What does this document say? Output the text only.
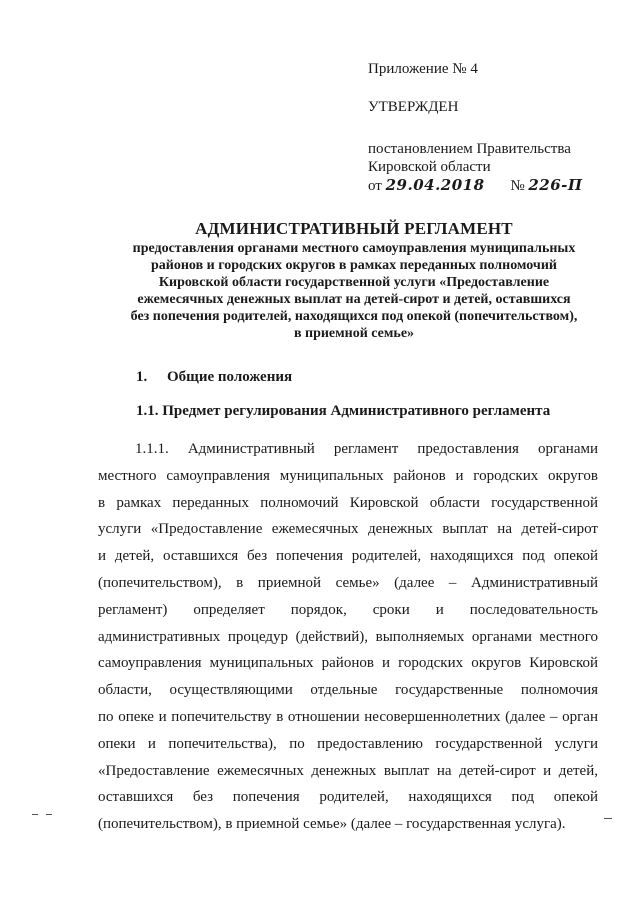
Приложение № 4
УТВЕРЖДЕН
постановлением Правительства
Кировской области
от 29.04.2018 № 226-П
АДМИНИСТРАТИВНЫЙ РЕГЛАМЕНТ
предоставления органами местного самоуправления муниципальных
районов и городских округов в рамках переданных полномочий
Кировской области государственной услуги «Предоставление
ежемесячных денежных выплат на детей-сирот и детей, оставшихся
без попечения родителей, находящихся под опекой (попечительством),
в приемной семье»
1. Общие положения
1.1. Предмет регулирования Административного регламента
1.1.1. Административный регламент предоставления органами
местного самоуправления муниципальных районов и городских округов
в рамках переданных полномочий Кировской области государственной
услуги «Предоставление ежемесячных денежных выплат на детей-сирот
и детей, оставшихся без попечения родителей, находящихся под опекой
(попечительством), в приемной семье» (далее – Административный
регламент) определяет порядок, сроки и последовательность
административных процедур (действий), выполняемых органами местного
самоуправления муниципальных районов и городских округов Кировской
области, осуществляющими отдельные государственные полномочия
по опеке и попечительству в отношении несовершеннолетних (далее – орган
опеки и попечительства), по предоставлению государственной услуги
«Предоставление ежемесячных денежных выплат на детей-сирот и детей,
оставшихся без попечения родителей, находящихся под опекой
(попечительством), в приемной семье» (далее – государственная услуга).
